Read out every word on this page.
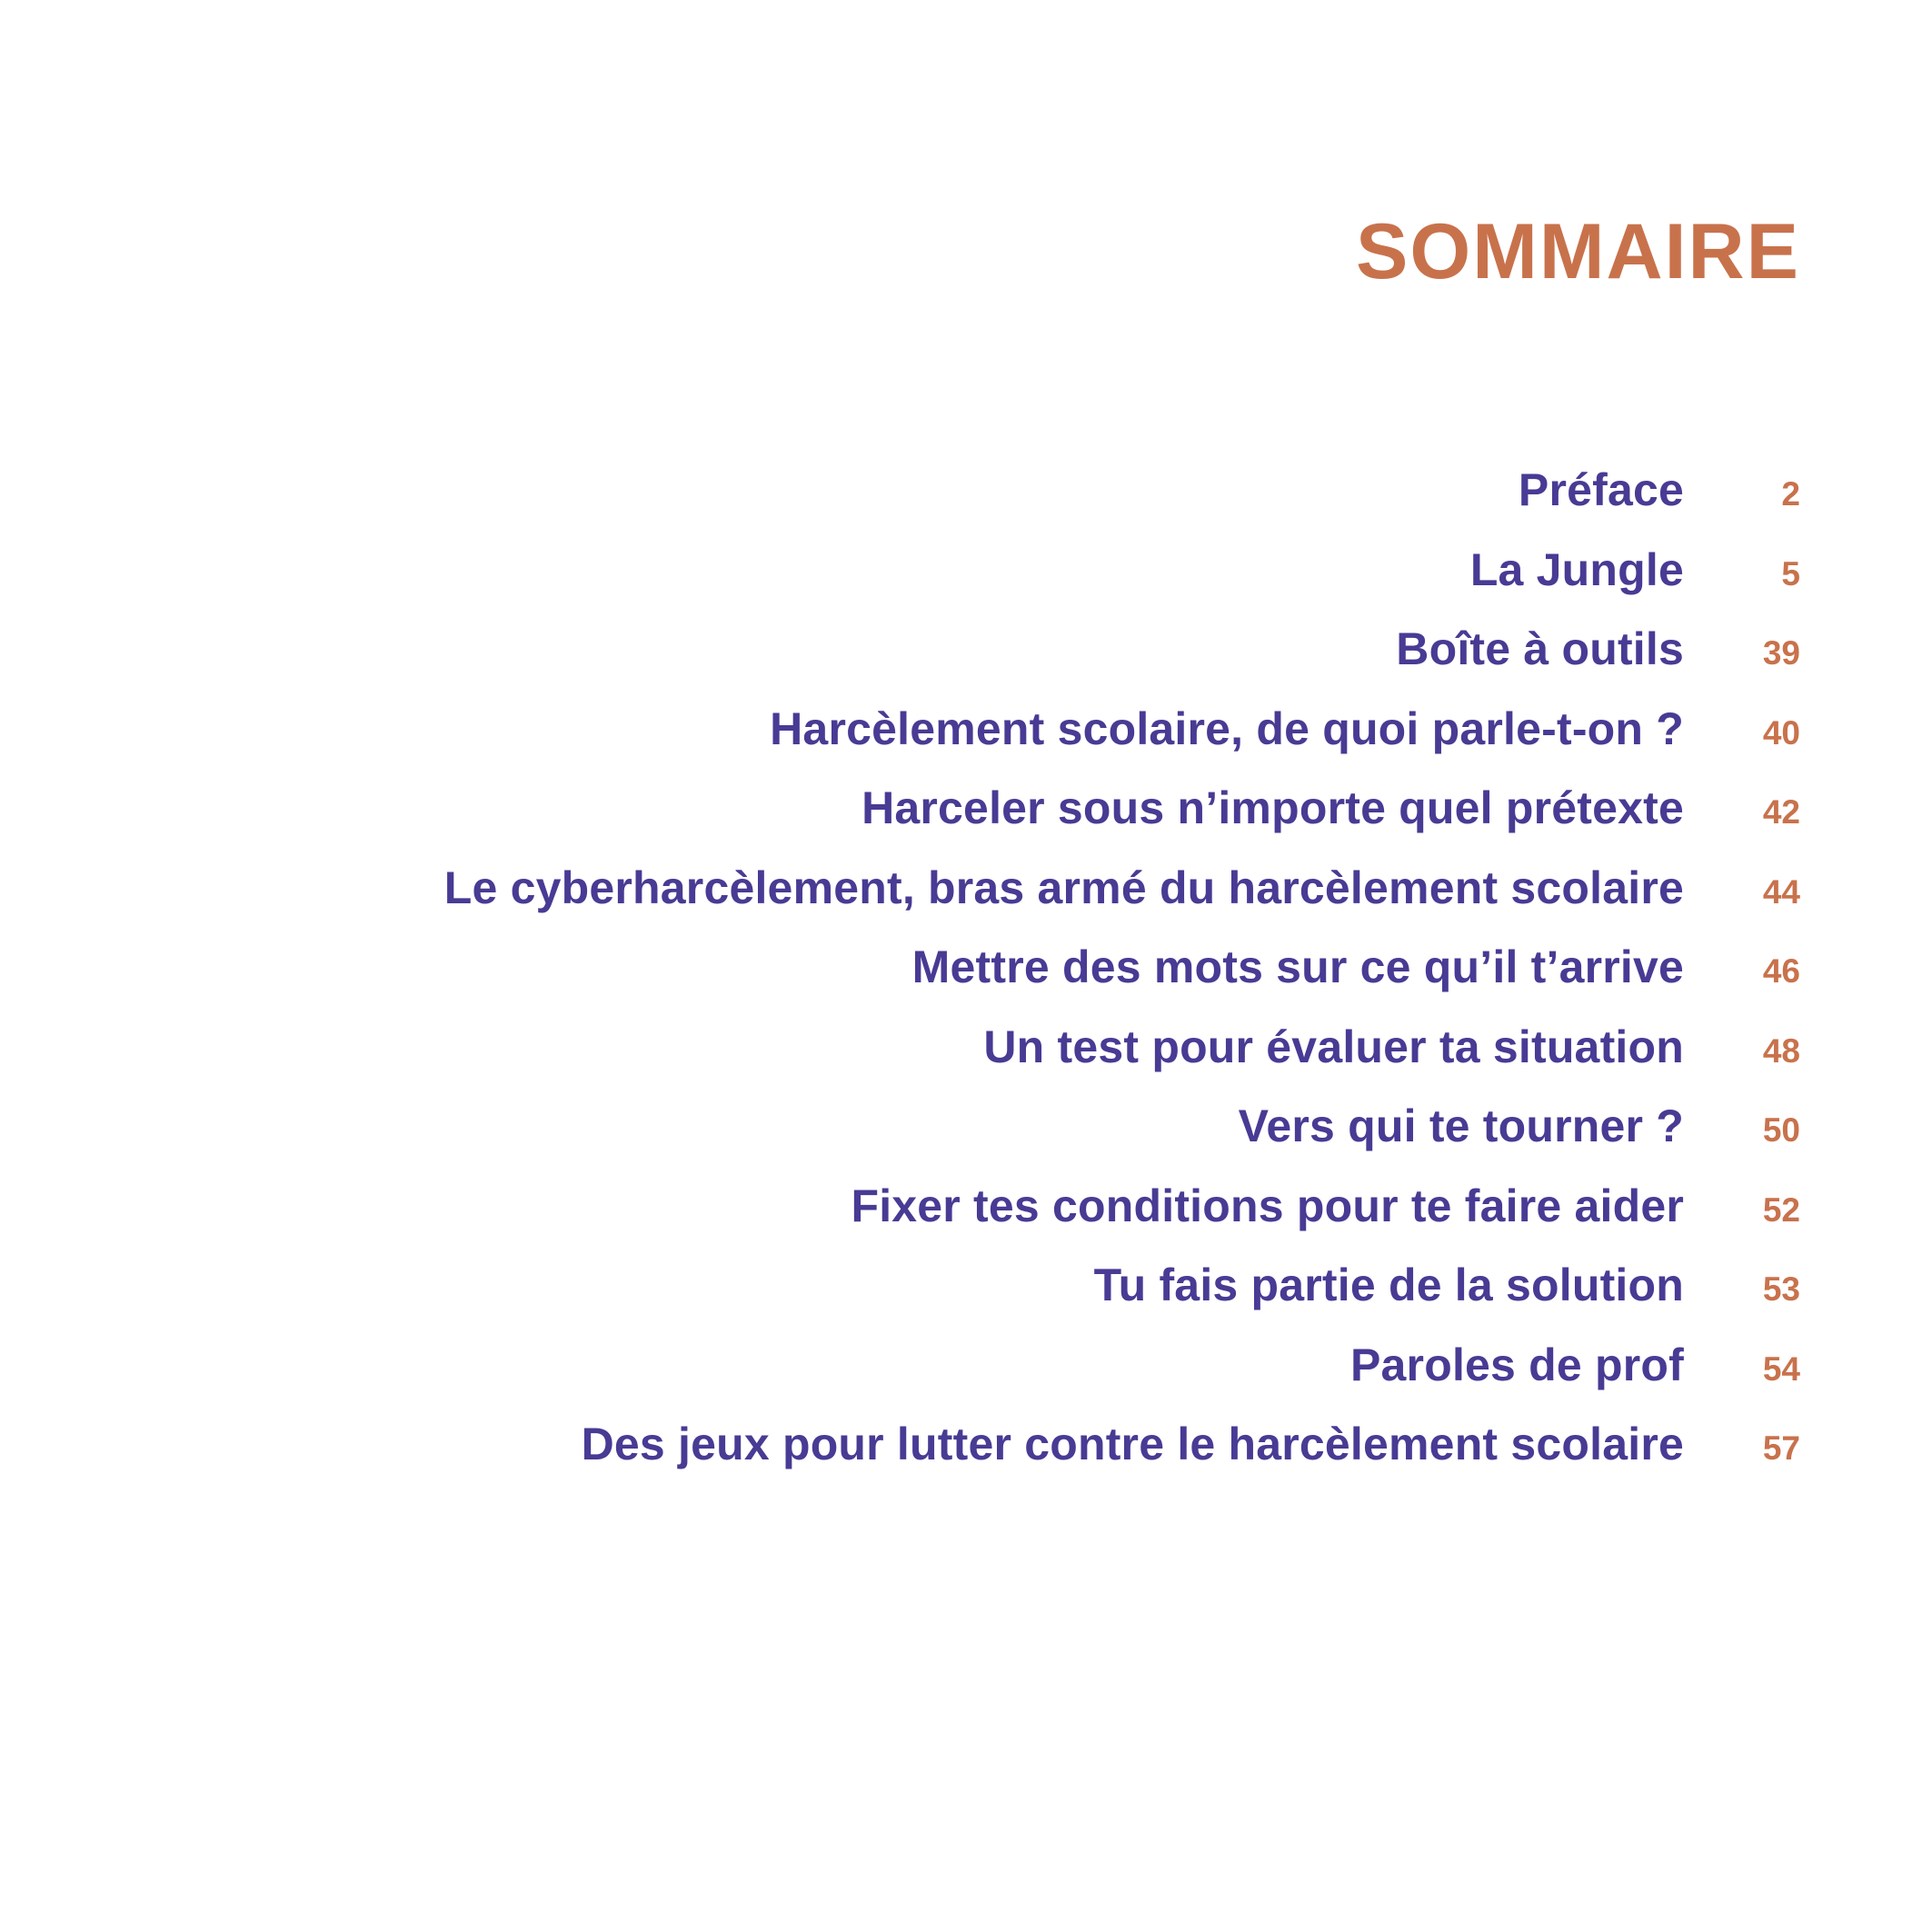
SOMMAIRE
Préface	2
La Jungle	5
Boîte à outils	39
Harcèlement scolaire, de quoi parle-t-on ?	40
Harceler sous n’importe quel prétexte	42
Le cyberharcèlement, bras armé du harcèlement scolaire	44
Mettre des mots sur ce qu’il t’arrive	46
Un test pour évaluer ta situation	48
Vers qui te tourner ?	50
Fixer tes conditions pour te faire aider	52
Tu fais partie de la solution	53
Paroles de prof	54
Des jeux pour lutter contre le harcèlement scolaire	57
